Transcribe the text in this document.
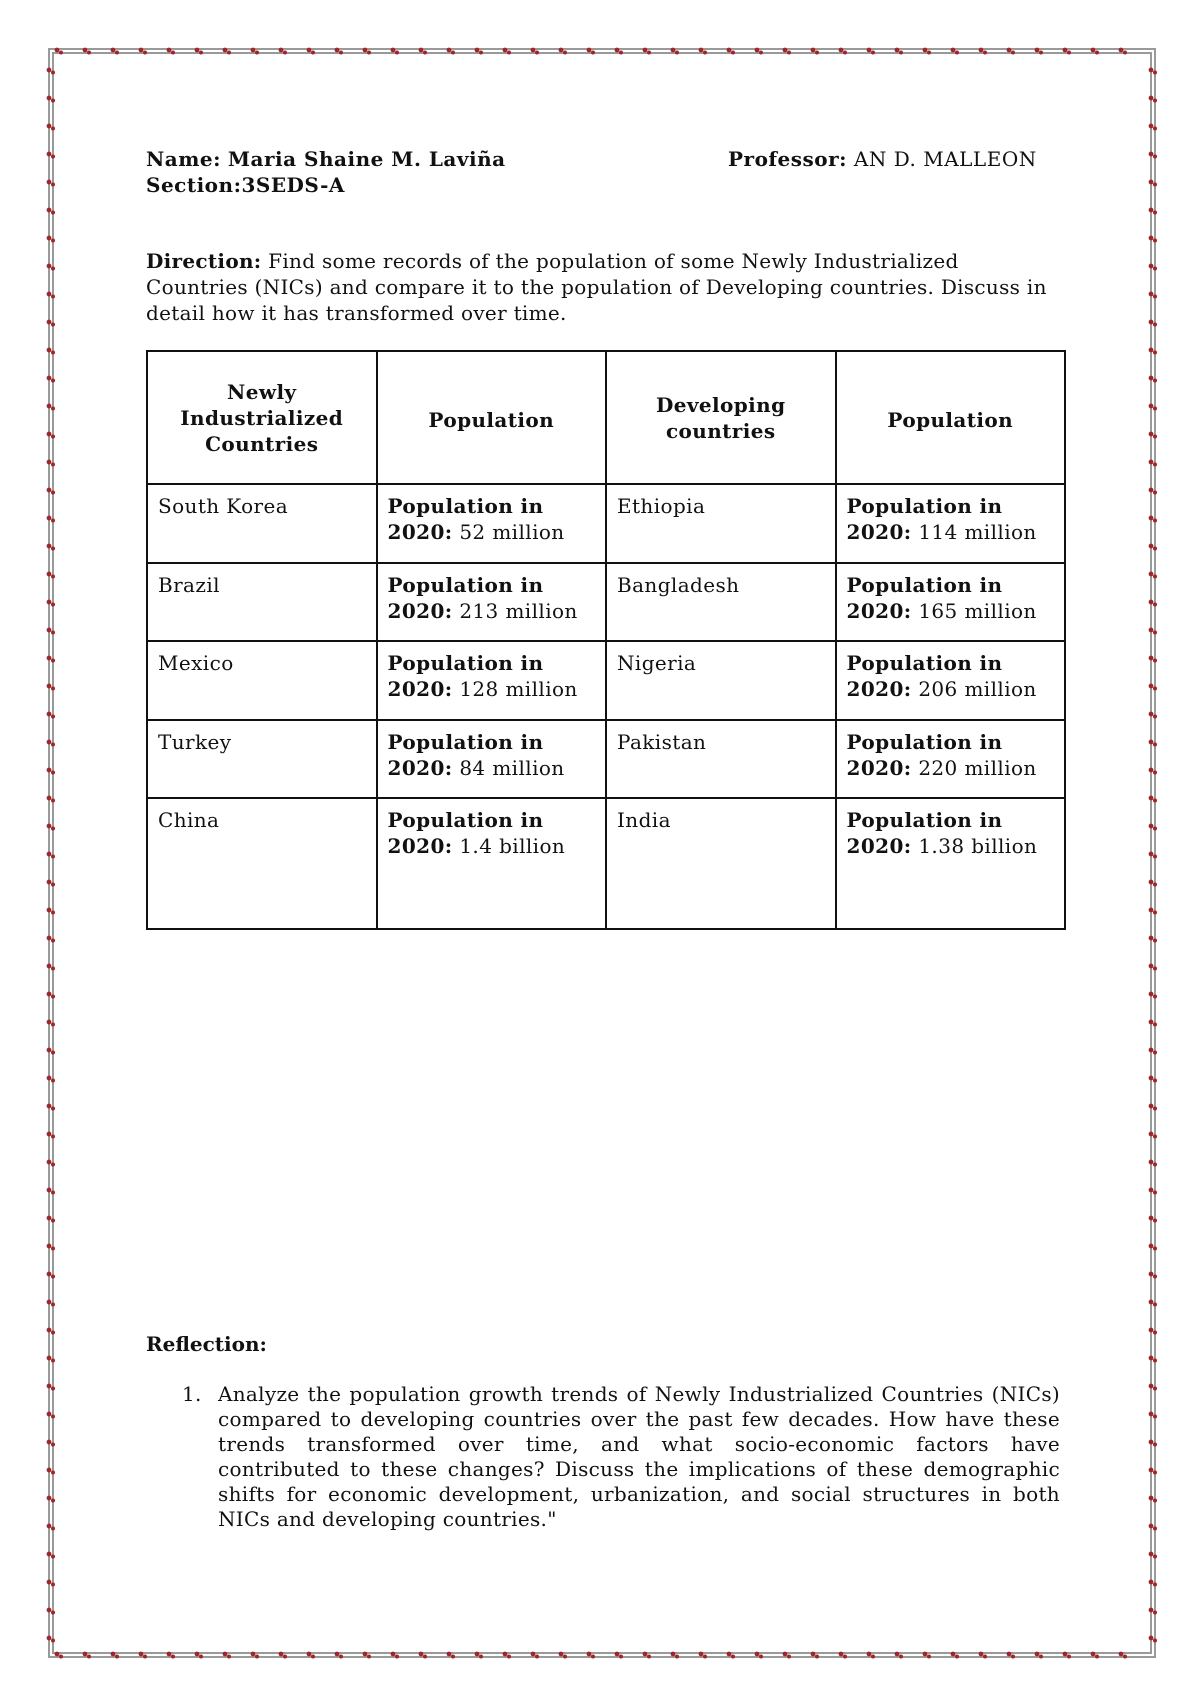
Name: Maria Shaine M. Laviña
Section:3SEDS-A
Professor: AN D. MALLEON
Direction: Find some records of the population of some Newly Industrialized Countries (NICs) and compare it to the population of Developing countries. Discuss in detail how it has transformed over time.
Newly Industrialized Countries	Population	Developing countries	Population
South Korea	Population in 2020: 52 million	Ethiopia	Population in 2020: 114 million
Brazil	Population in 2020: 213 million	Bangladesh	Population in 2020: 165 million
Mexico	Population in 2020: 128 million	Nigeria	Population in 2020: 206 million
Turkey	Population in 2020: 84 million	Pakistan	Population in 2020: 220 million
China	Population in 2020: 1.4 billion	India	Population in 2020: 1.38 billion
Reflection:
1. Analyze the population growth trends of Newly Industrialized Countries (NICs) compared to developing countries over the past few decades. How have these trends transformed over time, and what socio-economic factors have contributed to these changes? Discuss the implications of these demographic shifts for economic development, urbanization, and social structures in both NICs and developing countries."
